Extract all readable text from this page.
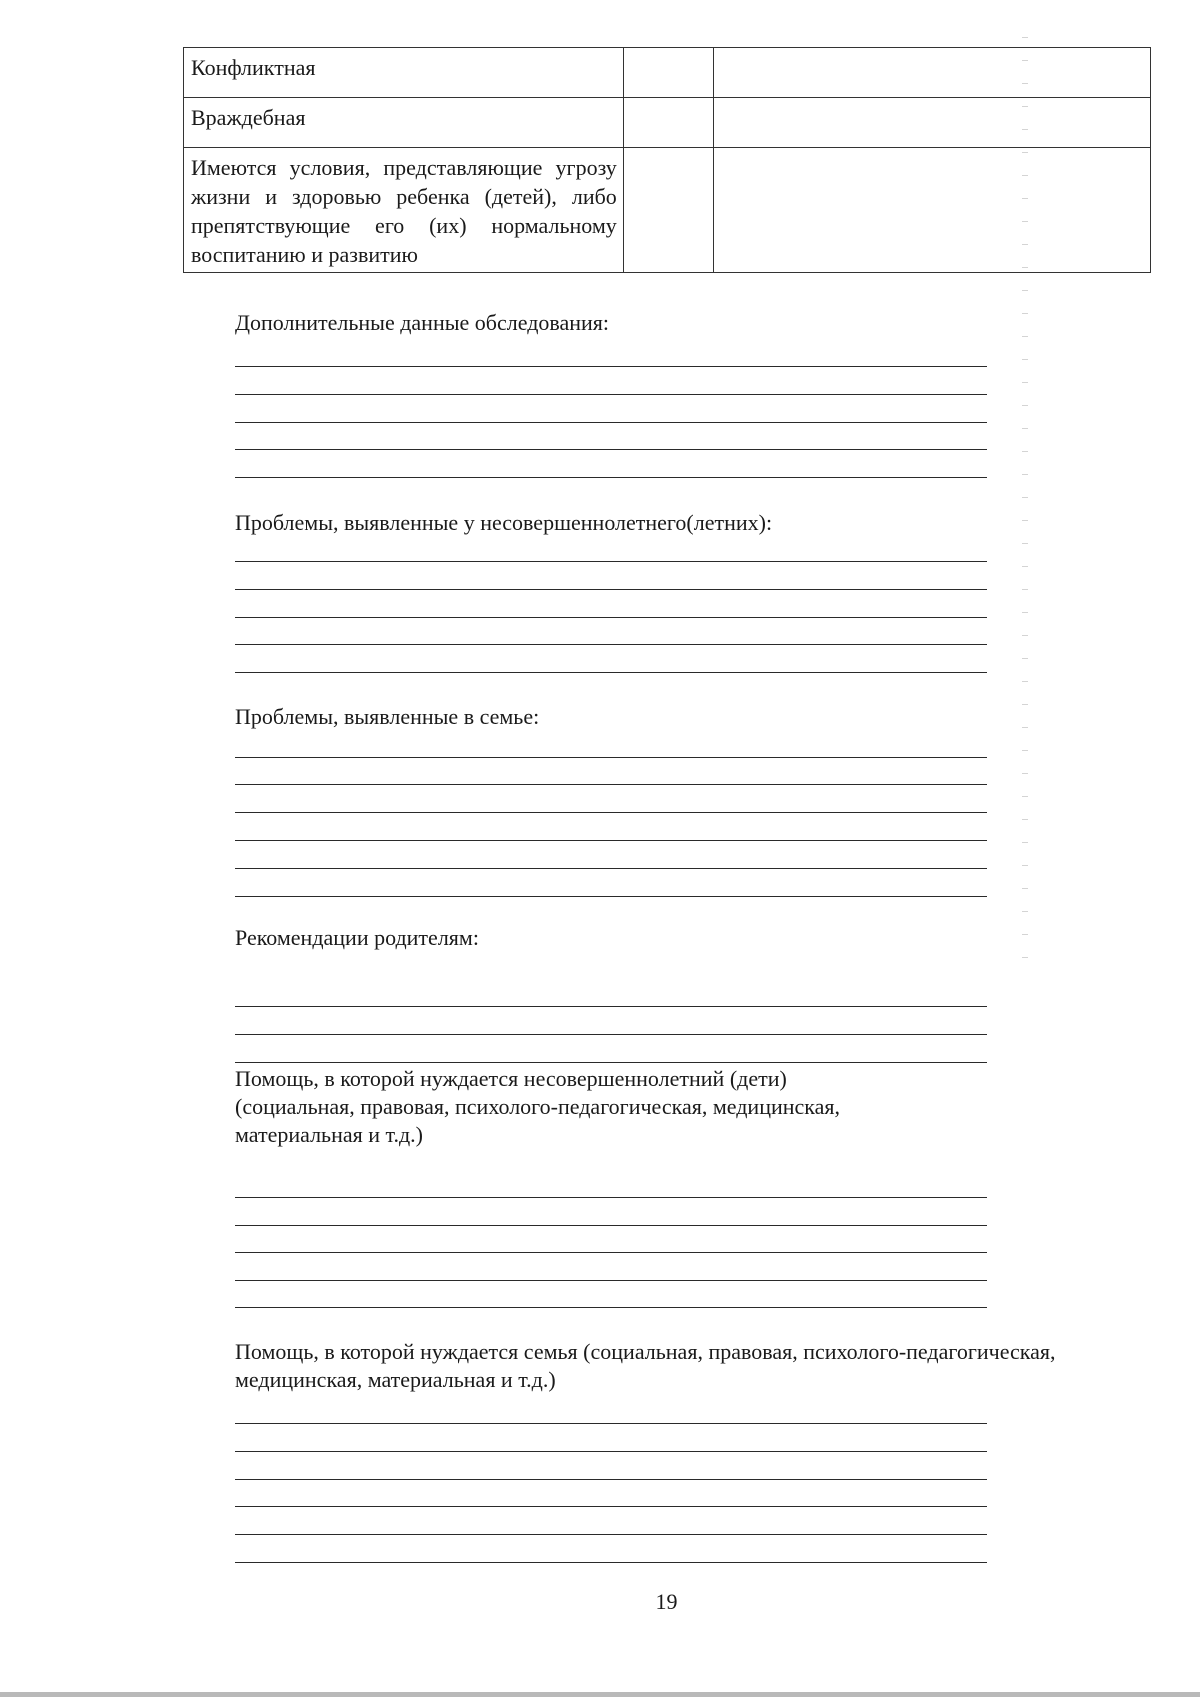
Конфликтная		
Враждебная		
Имеются условия, представляющие угрозу жизни и здоровью ребенка (детей), либо препятствующие его (их) нормальному воспитанию и развитию		

Дополнительные данные обследования:

Проблемы, выявленные у несовершеннолетнего(летних):

Проблемы, выявленные в семье:

Рекомендации родителям:

Помощь, в которой нуждается несовершеннолетний (дети)
(социальная, правовая, психолого-педагогическая, медицинская,
материальная и т.д.)

Помощь, в которой нуждается семья (социальная, правовая, психолого-педагогическая,
медицинская, материальная и т.д.)

19
